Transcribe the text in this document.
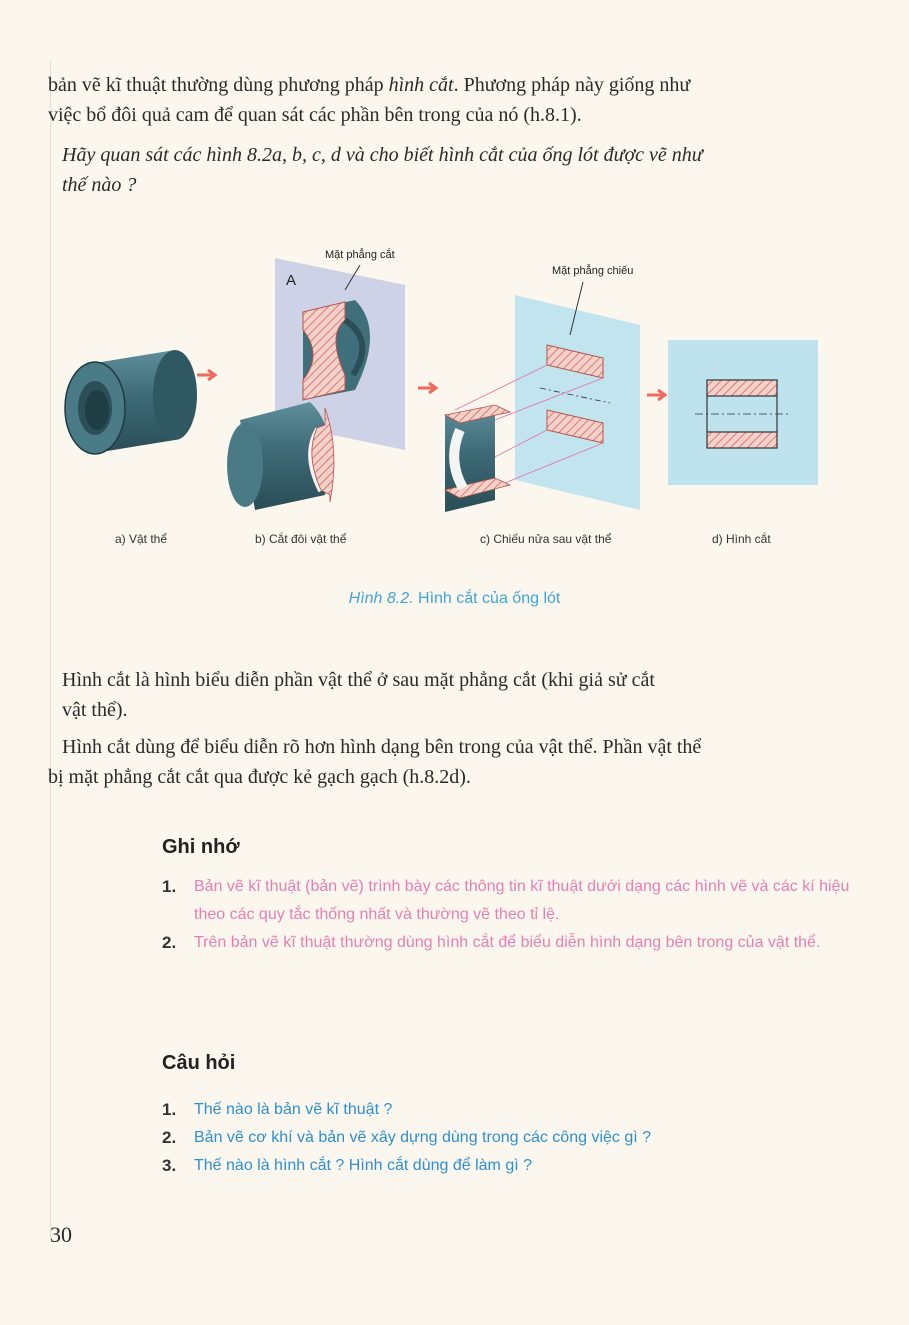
bản vẽ kĩ thuật thường dùng phương pháp hình cắt. Phương pháp này giống như
việc bổ đôi quả cam để quan sát các phần bên trong của nó (h.8.1).
Hãy quan sát các hình 8.2a, b, c, d và cho biết hình cắt của ống lót được vẽ như
thế nào ?
A
Mặt phẳng cắt
Mặt phẳng chiếu
a) Vật thể	b) Cắt đôi vật thể	c) Chiếu nửa sau vật thể	d) Hình cắt
Hình 8.2. Hình cắt của ống lót
Hình cắt là hình biểu diễn phần vật thể ở sau mặt phẳng cắt (khi giả sử cắt
vật thể).
Hình cắt dùng để biểu diễn rõ hơn hình dạng bên trong của vật thể. Phần vật thể
bị mặt phẳng cắt cắt qua được kẻ gạch gạch (h.8.2d).
Ghi nhớ
1. Bản vẽ kĩ thuật (bản vẽ) trình bày các thông tin kĩ thuật dưới dạng các hình vẽ và các kí hiệu theo các quy tắc thống nhất và thường vẽ theo tỉ lệ.
2. Trên bản vẽ kĩ thuật thường dùng hình cắt để biểu diễn hình dạng bên trong của vật thể.
Câu hỏi
1. Thế nào là bản vẽ kĩ thuật ?
2. Bản vẽ cơ khí và bản vẽ xây dựng dùng trong các công việc gì ?
3. Thế nào là hình cắt ? Hình cắt dùng để làm gì ?
30
